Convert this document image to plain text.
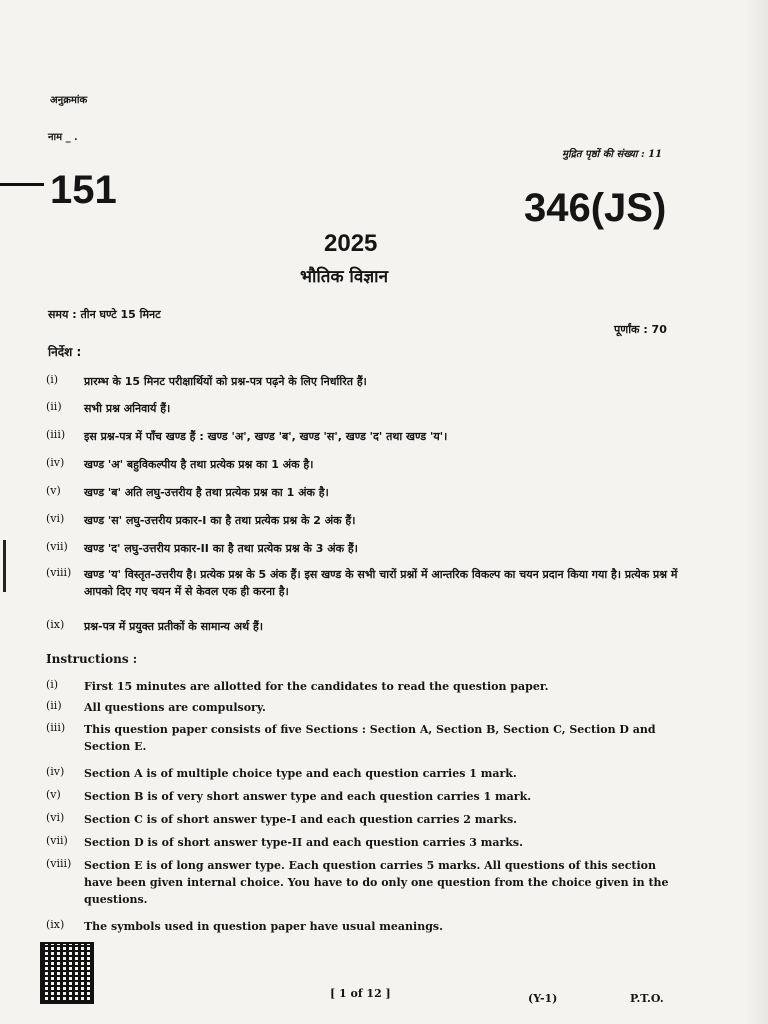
अनुक्रमांक
नाम _ .
मुद्रित पृष्ठों की संख्या : 11
151	346(JS)
2025
भौतिक विज्ञान
समय : तीन घण्टे 15 मिनट
पूर्णांक : 70
निर्देश :
(i)	प्रारम्भ के 15 मिनट परीक्षार्थियों को प्रश्न-पत्र पढ़ने के लिए निर्धारित हैं।
(ii)	सभी प्रश्न अनिवार्य हैं।
(iii)	इस प्रश्न-पत्र में पाँच खण्ड हैं : खण्ड 'अ', खण्ड 'ब', खण्ड 'स', खण्ड 'द' तथा खण्ड 'य'।
(iv)	खण्ड 'अ' बहुविकल्पीय है तथा प्रत्येक प्रश्न का 1 अंक है।
(v)	खण्ड 'ब' अति लघु-उत्तरीय है तथा प्रत्येक प्रश्न का 1 अंक है।
(vi)	खण्ड 'स' लघु-उत्तरीय प्रकार-I का है तथा प्रत्येक प्रश्न के 2 अंक हैं।
(vii)	खण्ड 'द' लघु-उत्तरीय प्रकार-II का है तथा प्रत्येक प्रश्न के 3 अंक हैं।
(viii)	खण्ड 'य' विस्तृत-उत्तरीय है। प्रत्येक प्रश्न के 5 अंक हैं। इस खण्ड के सभी चारों प्रश्नों में आन्तरिक विकल्प का चयन प्रदान किया गया है। प्रत्येक प्रश्न में आपको दिए गए चयन में से केवल एक ही करना है।
(ix)	प्रश्न-पत्र में प्रयुक्त प्रतीकों के सामान्य अर्थ हैं।
Instructions :
(i)	First 15 minutes are allotted for the candidates to read the question paper.
(ii)	All questions are compulsory.
(iii)	This question paper consists of five Sections : Section A, Section B, Section C, Section D and Section E.
(iv)	Section A is of multiple choice type and each question carries 1 mark.
(v)	Section B is of very short answer type and each question carries 1 mark.
(vi)	Section C is of short answer type-I and each question carries 2 marks.
(vii)	Section D is of short answer type-II and each question carries 3 marks.
(viii)	Section E is of long answer type. Each question carries 5 marks. All questions of this section have been given internal choice. You have to do only one question from the choice given in the questions.
(ix)	The symbols used in question paper have usual meanings.
[ 1 of 12 ]	(Y-1)	P.T.O.
